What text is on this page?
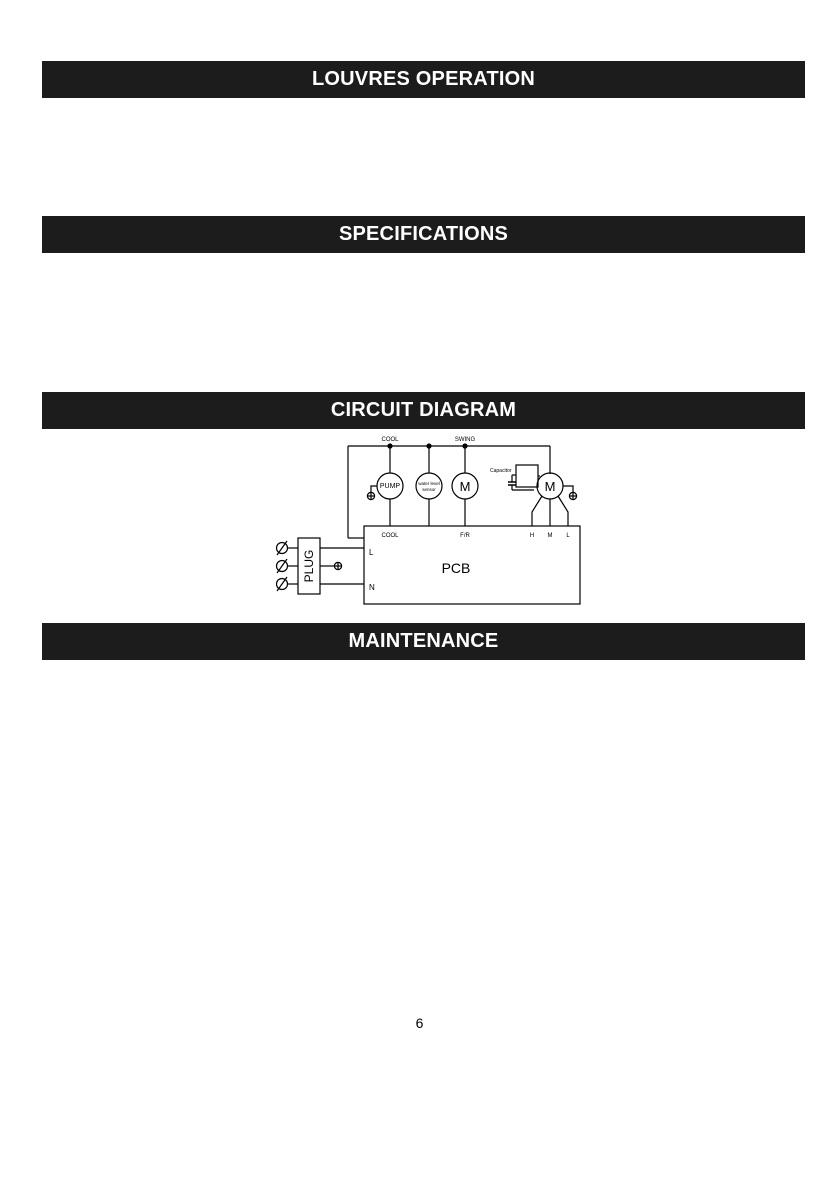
LOUVRES OPERATION
SPECIFICATIONS
CIRCUIT DIAGRAM
COOL	SWING
PUMP	water level
sensor M
Capacitor
M
COOL	F/R	H M L
PCB
L
N
PLUG
MAINTENANCE
6
